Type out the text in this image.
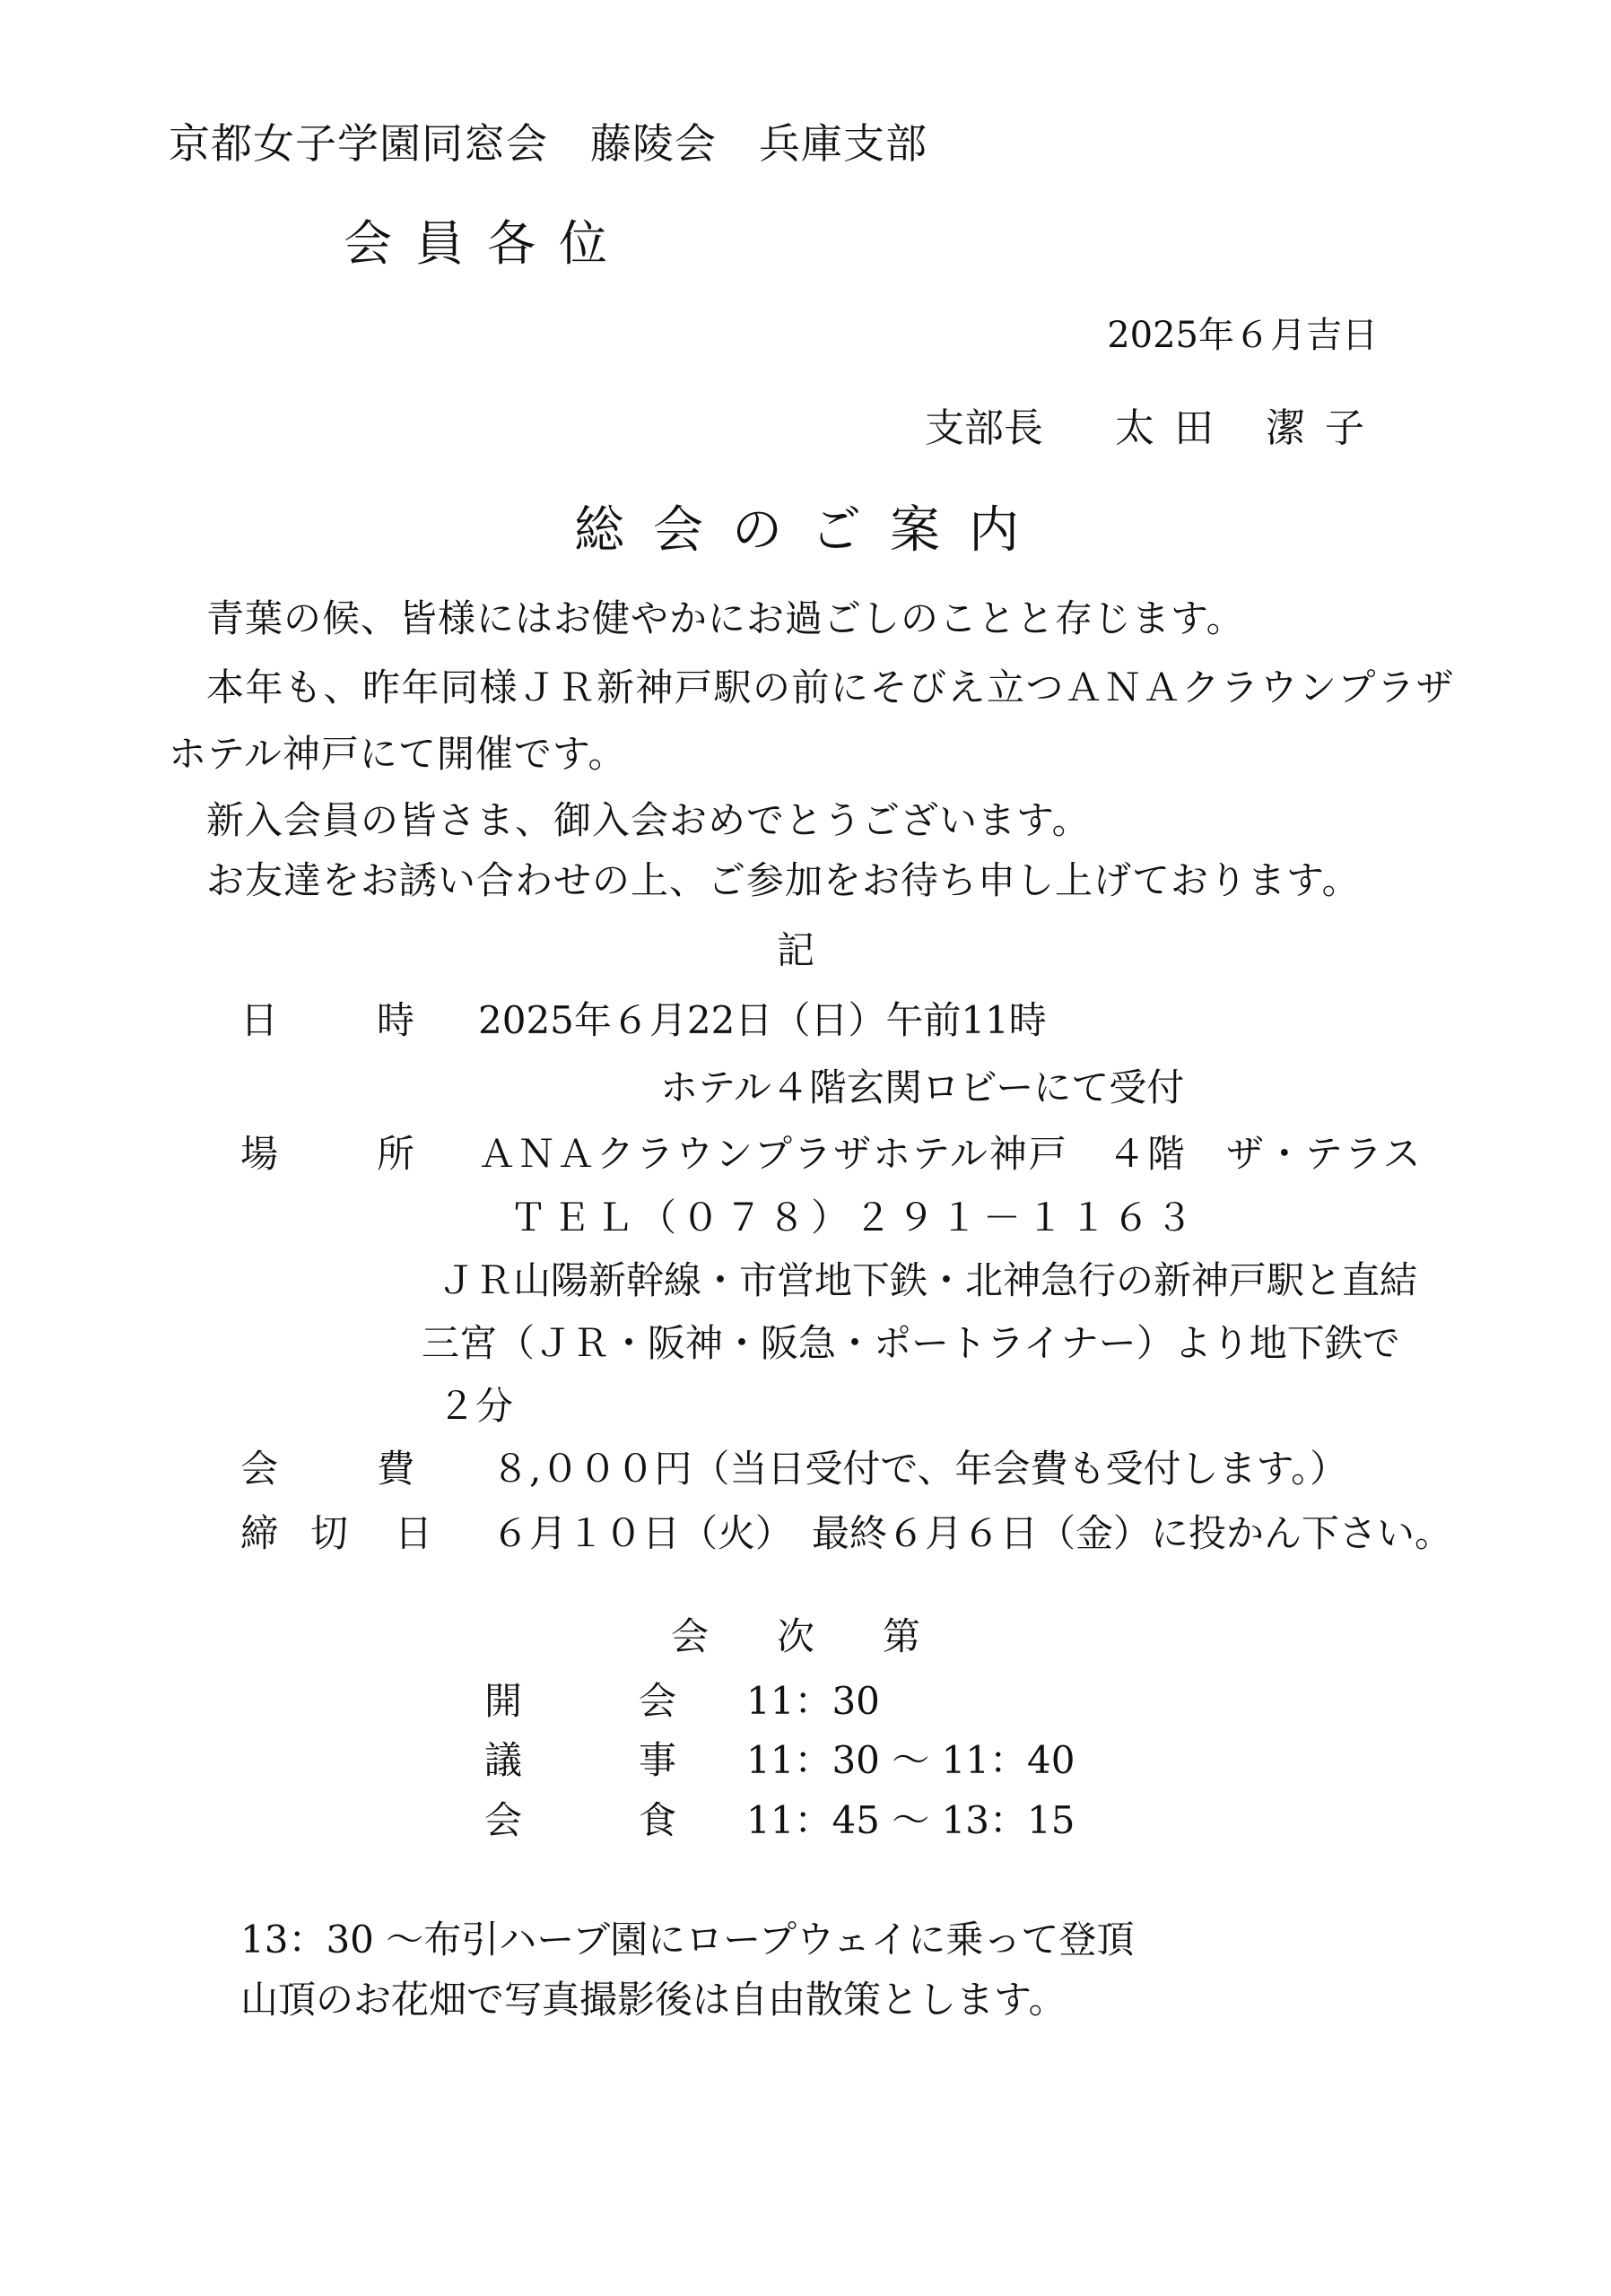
京都女子学園同窓会　藤陵会　兵庫支部
会員各位
2025年６月吉日
支部長 太田 潔子
総会のご案内
青葉の候、皆様にはお健やかにお過ごしのことと存じます。
本年も、昨年同様ＪＲ新神戸駅の前にそびえ立つＡＮＡクラウンプラザ
ホテル神戸にて開催です。
新入会員の皆さま、御入会おめでとうございます。
お友達をお誘い合わせの上、ご参加をお待ち申し上げております。
記
日	時 2025年６月22日（日）午前11時
ホテル４階玄関ロビーにて受付
場	所 ＡＮＡクラウンプラザホテル神戸　４階　ザ・テラス
ＴＥＬ（０７８）２９１－１１６３
ＪＲ山陽新幹線・市営地下鉄・北神急行の新神戸駅と直結
三宮（ＪＲ・阪神・阪急・ポートライナー）より地下鉄で
２分
会	費 ８,０００円（当日受付で、年会費も受付します。）
締 切 日 ６月１０日（火）　最終６月６日（金）に投かん下さい。
会 次 第
開	会 11：30
議	事 11：30 ～ 11：40
会	食 11：45 ～ 13：15
13：30 ～布引ハーブ園にロープウェイに乗って登頂
山頂のお花畑で写真撮影後は自由散策とします。
